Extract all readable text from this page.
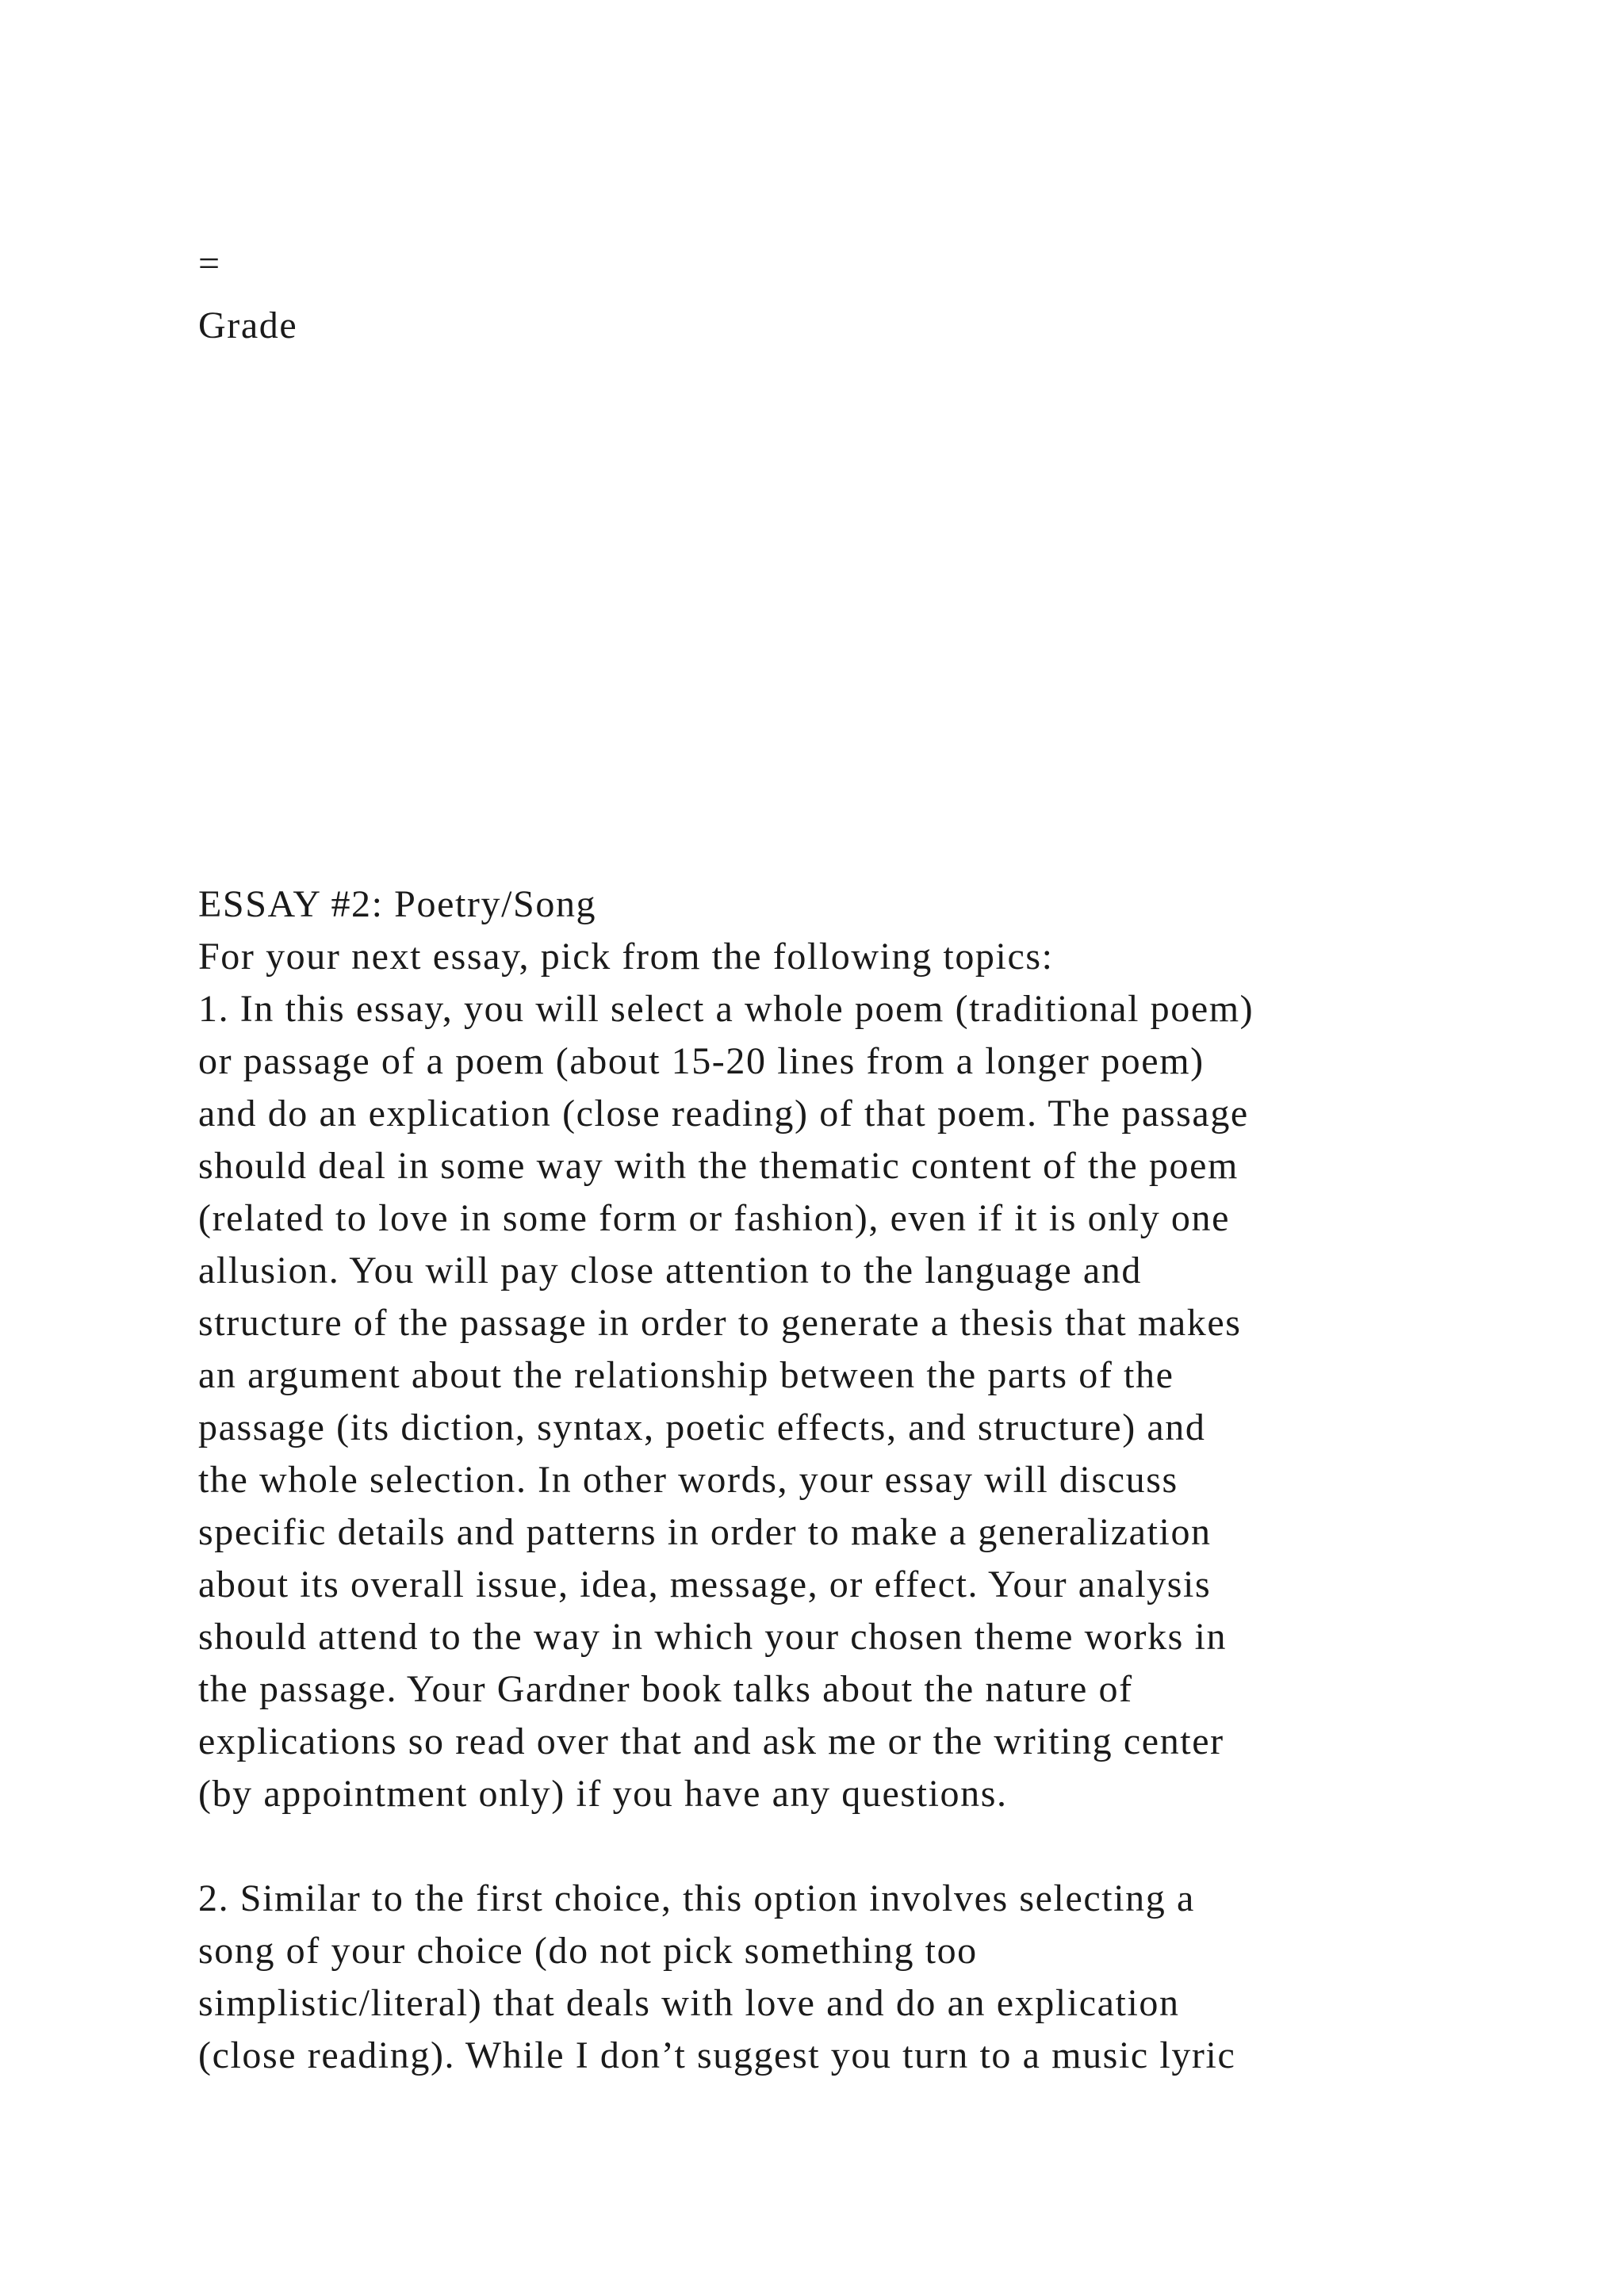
=
Grade
ESSAY #2: Poetry/Song
For your next essay, pick from the following topics:
1. In this essay, you will select a whole poem (traditional poem)
or passage of a poem (about 15-20 lines from a longer poem)
and do an explication (close reading) of that poem. The passage
should deal in some way with the thematic content of the poem
(related to love in some form or fashion), even if it is only one
allusion. You will pay close attention to the language and
structure of the passage in order to generate a thesis that makes
an argument about the relationship between the parts of the
passage (its diction, syntax, poetic effects, and structure) and
the whole selection. In other words, your essay will discuss
specific details and patterns in order to make a generalization
about its overall issue, idea, message, or effect. Your analysis
should attend to the way in which your chosen theme works in
the passage. Your Gardner book talks about the nature of
explications so read over that and ask me or the writing center
(by appointment only) if you have any questions.
2. Similar to the first choice, this option involves selecting a
song of your choice (do not pick something too
simplistic/literal) that deals with love and do an explication
(close reading). While I don’t suggest you turn to a music lyric
